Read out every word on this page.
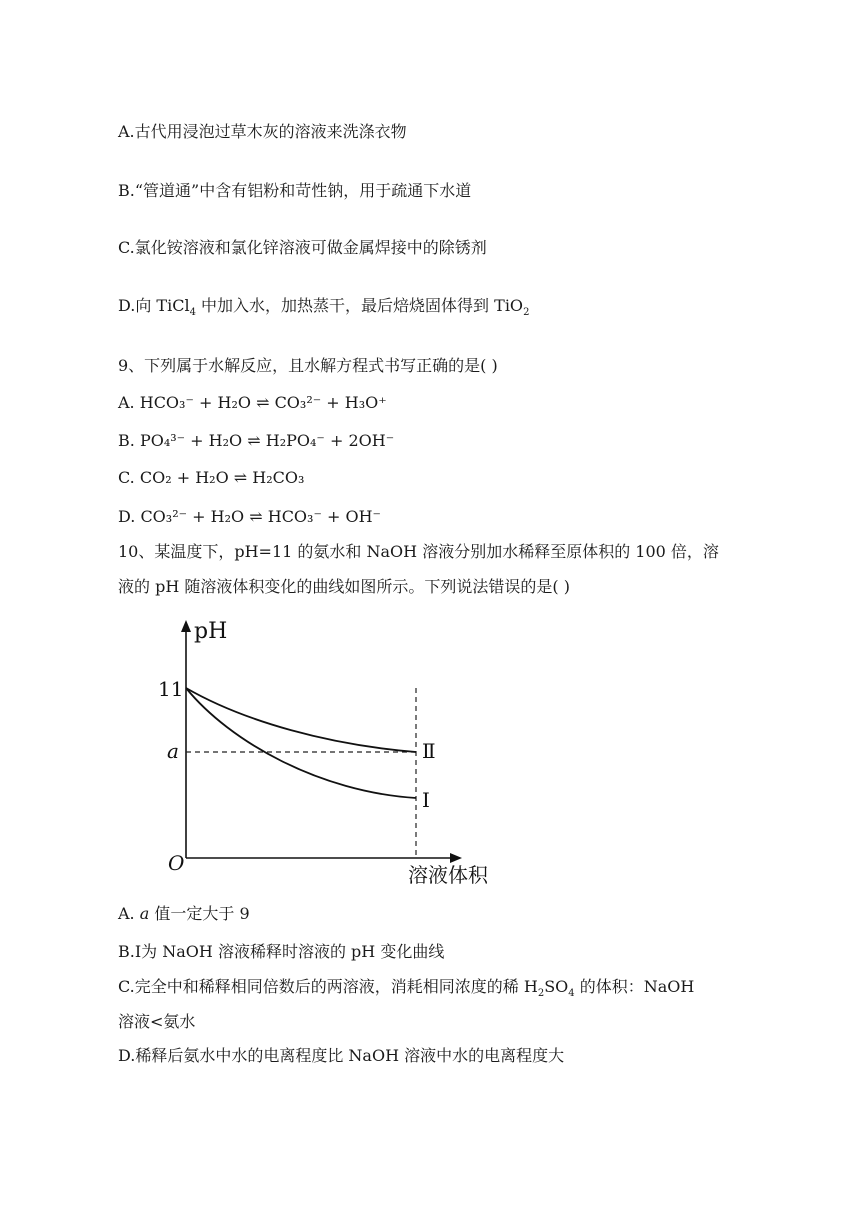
A.古代用浸泡过草木灰的溶液来洗涤衣物
B.“管道通”中含有铝粉和苛性钠，用于疏通下水道
C.氯化铵溶液和氯化锌溶液可做金属焊接中的除锈剂
D.向 TiCl$_4$ 中加入水，加热蒸干，最后焙烧固体得到 TiO$_2$
9、下列属于水解反应，且水解方程式书写正确的是( )
A. HCO₃⁻ + H₂O ⇌ CO₃²⁻ + H₃O⁺
B. PO₄³⁻ + H₂O ⇌ H₂PO₄⁻ + 2OH⁻
C. CO₂ + H₂O ⇌ H₂CO₃
D. CO₃²⁻ + H₂O ⇌ HCO₃⁻ + OH⁻
10、某温度下，pH=11 的氨水和 NaOH 溶液分别加水稀释至原体积的 100 倍，溶
液的 pH 随溶液体积变化的曲线如图所示。下列说法错误的是( )
pH
11
a
O
Ⅱ
Ⅰ
溶液体积
A. a 值一定大于 9
B.Ⅰ为 NaOH 溶液稀释时溶液的 pH 变化曲线
C.完全中和稀释相同倍数后的两溶液，消耗相同浓度的稀 $H_2SO_4$ 的体积：NaOH
溶液<氨水
D.稀释后氨水中水的电离程度比 NaOH 溶液中水的电离程度大
